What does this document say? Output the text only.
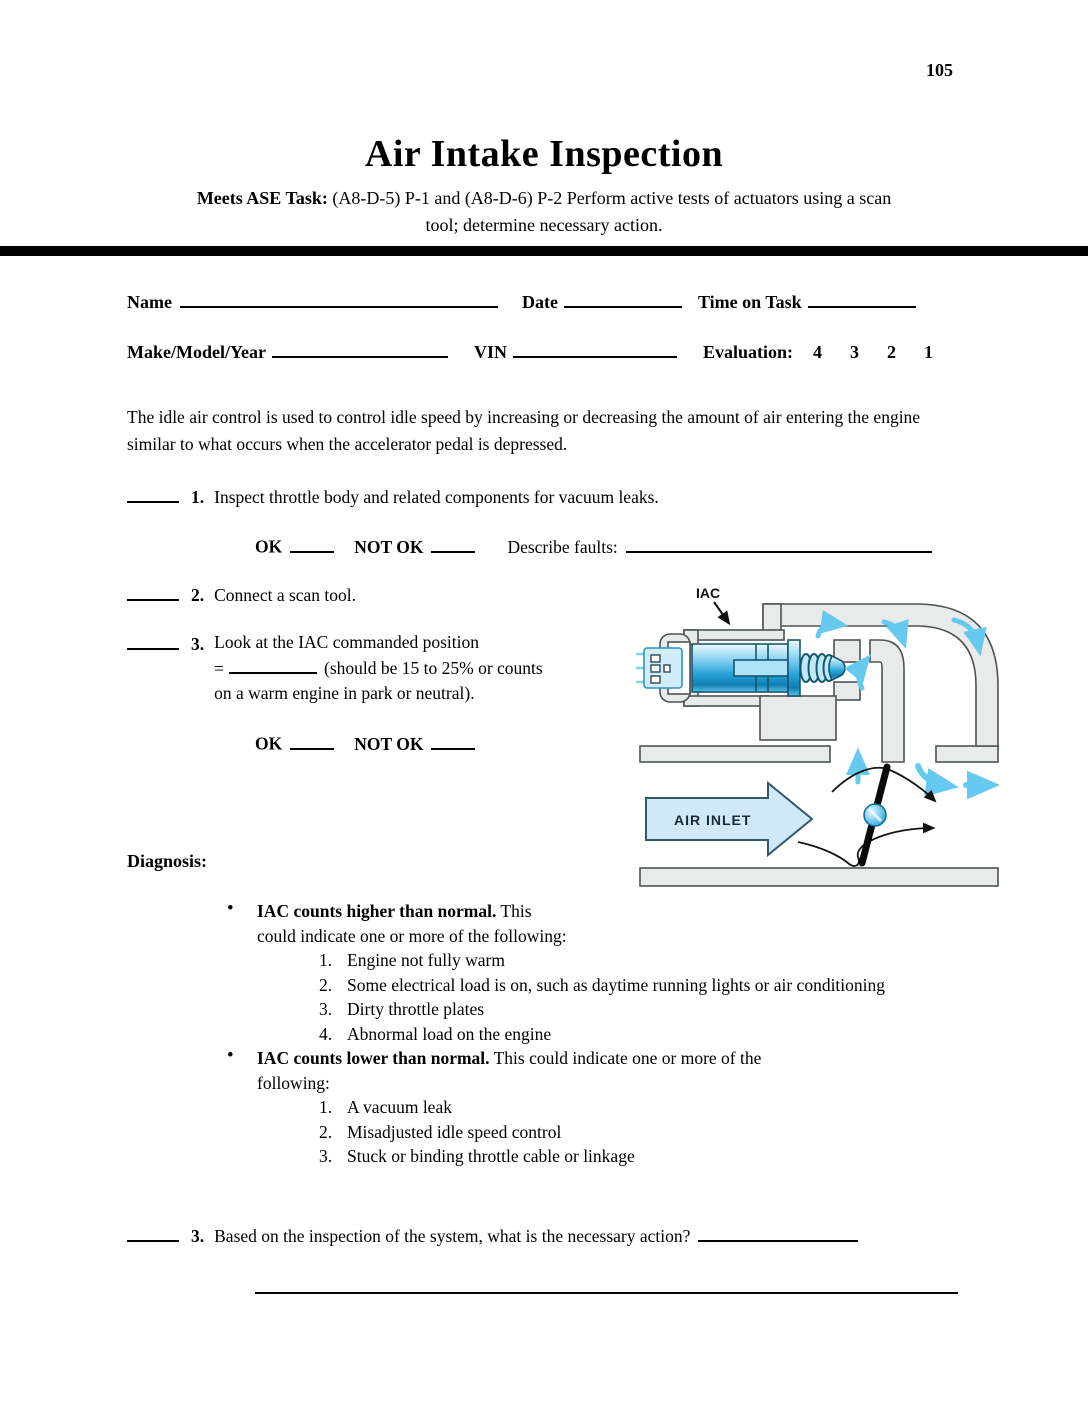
105
Air Intake Inspection
Meets ASE Task: (A8-D-5) P-1 and (A8-D-6) P-2 Perform active tests of actuators using a scan
tool; determine necessary action.
Name	Date	Time on Task
Make/Model/Year	VIN	Evaluation: 4 3 2 1
The idle air control is used to control idle speed by increasing or decreasing the amount of air entering the engine similar to what occurs when the accelerator pedal is depressed.
1. Inspect throttle body and related components for vacuum leaks.
OK	NOT OK	Describe faults:
2. Connect a scan tool.
3. Look at the IAC commanded position
=	(should be 15 to 25% or counts
on a warm engine in park or neutral).
OK	NOT OK
AIR INLET
IAC
Diagnosis:
• IAC counts higher than normal. This
could indicate one or more of the following:
Engine not fully warm
Some electrical load is on, such as daytime running lights or air conditioning
Dirty throttle plates
Abnormal load on the engine
• IAC counts lower than normal. This could indicate one or more of the
following:
A vacuum leak
Misadjusted idle speed control
Stuck or binding throttle cable or linkage
3. Based on the inspection of the system, what is the necessary action?
